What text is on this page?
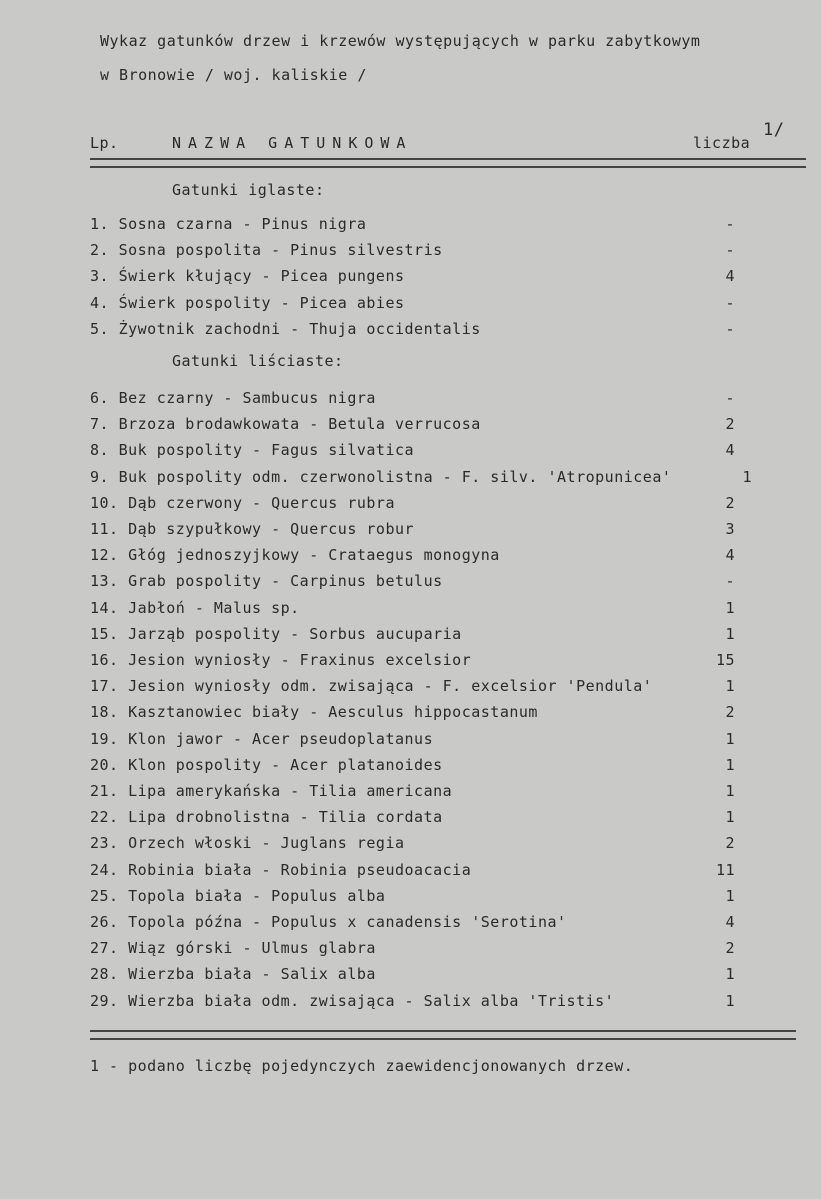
Wykaz gatunków drzew i krzewów występujących w parku zabytkowym
w Bronowie / woj. kaliskie /
1/
Lp.	NAZWA GATUNKOWA	liczba
Gatunki iglaste:
Gatunki liściaste:
1. Sosna czarna - Pinus nigra	-
2. Sosna pospolita - Pinus silvestris	-
3. Świerk kłujący - Picea pungens	4
4. Świerk pospolity - Picea abies	-
5. Żywotnik zachodni - Thuja occidentalis	-
6. Bez czarny - Sambucus nigra	-
7. Brzoza brodawkowata - Betula verrucosa	2
8. Buk pospolity - Fagus silvatica	4
9. Buk pospolity odm. czerwonolistna - F. silv. 'Atropunicea'	1
10. Dąb czerwony - Quercus rubra	2
11. Dąb szypułkowy - Quercus robur	3
12. Głóg jednoszyjkowy - Crataegus monogyna	4
13. Grab pospolity - Carpinus betulus	-
14. Jabłoń - Malus sp.	1
15. Jarząb pospolity - Sorbus aucuparia	1
16. Jesion wyniosły - Fraxinus excelsior	15
17. Jesion wyniosły odm. zwisająca - F. excelsior 'Pendula'	1
18. Kasztanowiec biały - Aesculus hippocastanum	2
19. Klon jawor - Acer pseudoplatanus	1
20. Klon pospolity - Acer platanoides	1
21. Lipa amerykańska - Tilia americana	1
22. Lipa drobnolistna - Tilia cordata	1
23. Orzech włoski - Juglans regia	2
24. Robinia biała - Robinia pseudoacacia	11
25. Topola biała - Populus alba	1
26. Topola późna - Populus x canadensis 'Serotina'	4
27. Wiąz górski - Ulmus glabra	2
28. Wierzba biała - Salix alba	1
29. Wierzba biała odm. zwisająca - Salix alba 'Tristis'	1
1 - podano liczbę pojedynczych zaewidencjonowanych drzew.
